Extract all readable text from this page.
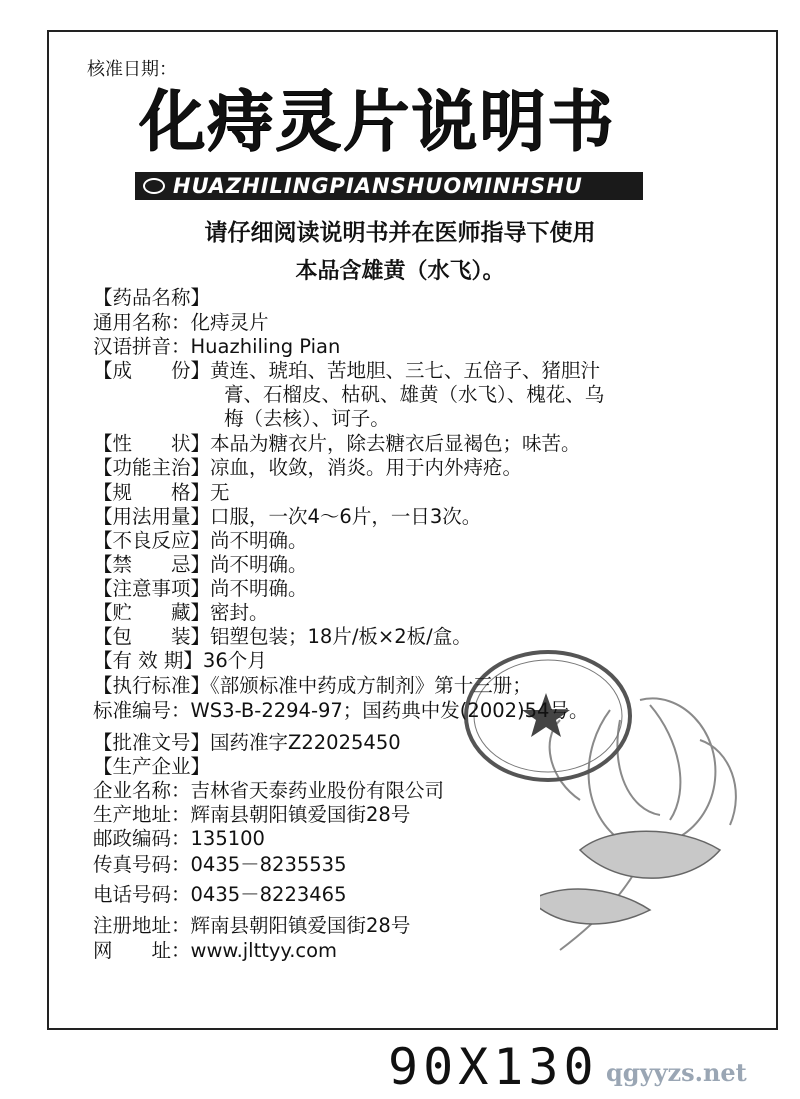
核准日期：
化痔灵片说明书
HUAZHILINGPIANSHUOMINHSHU
请仔细阅读说明书并在医师指导下使用
本品含雄黄（水飞）。
【药品名称】
通用名称：化痔灵片
汉语拼音：Huazhiling Pian
【成　　份】黄连、琥珀、苦地胆、三七、五倍子、猪胆汁
膏、石榴皮、枯矾、雄黄（水飞）、槐花、乌
梅（去核）、诃子。
【性　　状】本品为糖衣片，除去糖衣后显褐色；味苦。
【功能主治】凉血，收敛，消炎。用于内外痔疮。
【规　　格】无
【用法用量】口服，一次4～6片，一日3次。
【不良反应】尚不明确。
【禁　　忌】尚不明确。
【注意事项】尚不明确。
【贮　　藏】密封。
【包　　装】铝塑包装；18片/板×2板/盒。
【有 效 期】36个月
【执行标准】《部颁标准中药成方制剂》第十三册；
标准编号：WS3-B-2294-97；国药典中发(2002)54号。
【批准文号】国药准字Z22025450
【生产企业】
企业名称：吉林省天泰药业股份有限公司
生产地址：辉南县朝阳镇爱国街28号
邮政编码：135100
传真号码：0435－8235535
电话号码：0435－8223465
注册地址：辉南县朝阳镇爱国街28号
网　　址：www.jlttyy.com
90X130 qgyyzs.net
